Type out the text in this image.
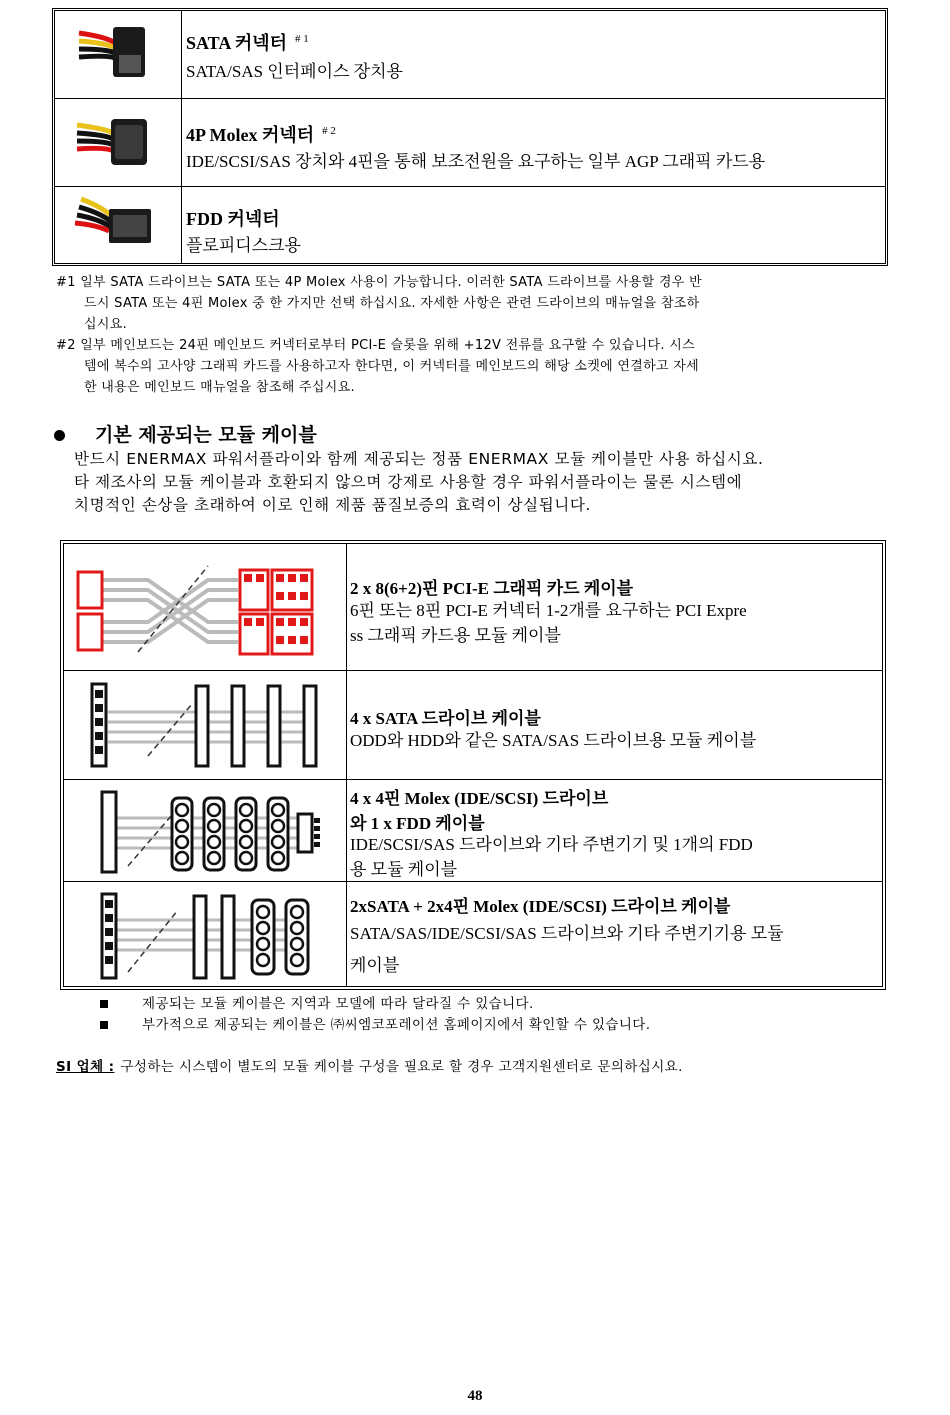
SATA 커넥터 $^{\# 1}$
SATA/SAS 인터페이스 장치용
4P Molex 커넥터 $^{\# 2}$
IDE/SCSI/SAS 장치와 4핀을 통해 보조전원을 요구하는 일부 AGP 그래픽 카드용
FDD 커넥터
플로피디스크용
#1 일부 SATA 드라이브는 SATA 또는 4P Molex 사용이 가능합니다. 이러한 SATA 드라이브를 사용할 경우 반
드시 SATA 또는 4핀 Molex 중 한 가지만 선택 하십시요. 자세한 사항은 관련 드라이브의 매뉴얼을 참조하
십시요.
#2 일부 메인보드는 24핀 메인보드 커넥터로부터 PCI-E 슬롯을 위해 +12V 전류를 요구할 수 있습니다. 시스
템에 복수의 고사양 그래픽 카드를 사용하고자 한다면, 이 커넥터를 메인보드의 해당 소켓에 연결하고 자세
한 내용은 메인보드 매뉴얼을 참조해 주십시요.
기본 제공되는 모듈 케이블
반드시 ENERMAX 파워서플라이와 함께 제공되는 정품 ENERMAX 모듈 케이블만 사용 하십시요.
타 제조사의 모듈 케이블과 호환되지 않으며 강제로 사용할 경우 파워서플라이는 물론 시스템에
치명적인 손상을 초래하여 이로 인해 제품 품질보증의 효력이 상실됩니다.
2 x 8(6+2)핀 PCI-E 그래픽 카드 케이블
6핀 또는 8핀 PCI-E 커넥터 1-2개를 요구하는 PCI Expre
ss 그래픽 카드용 모듈 케이블
4 x SATA 드라이브 케이블
ODD와 HDD와 같은 SATA/SAS 드라이브용 모듈 케이블
4 x 4핀 Molex (IDE/SCSI) 드라이브
와 1 x FDD 케이블
IDE/SCSI/SAS 드라이브와 기타 주변기기 및 1개의 FDD
용 모듈 케이블
2xSATA + 2x4핀 Molex (IDE/SCSI) 드라이브 케이블
SATA/SAS/IDE/SCSI/SAS 드라이브와 기타 주변기기용 모듈
케이블
제공되는 모듈 케이블은 지역과 모델에 따라 달라질 수 있습니다.
부가적으로 제공되는 케이블은 ㈜씨엠코포레이션 홈페이지에서 확인할 수 있습니다.
SI 업체 : 구성하는 시스템이 별도의 모듈 케이블 구성을 필요로 할 경우 고객지원센터로 문의하십시요.
48
